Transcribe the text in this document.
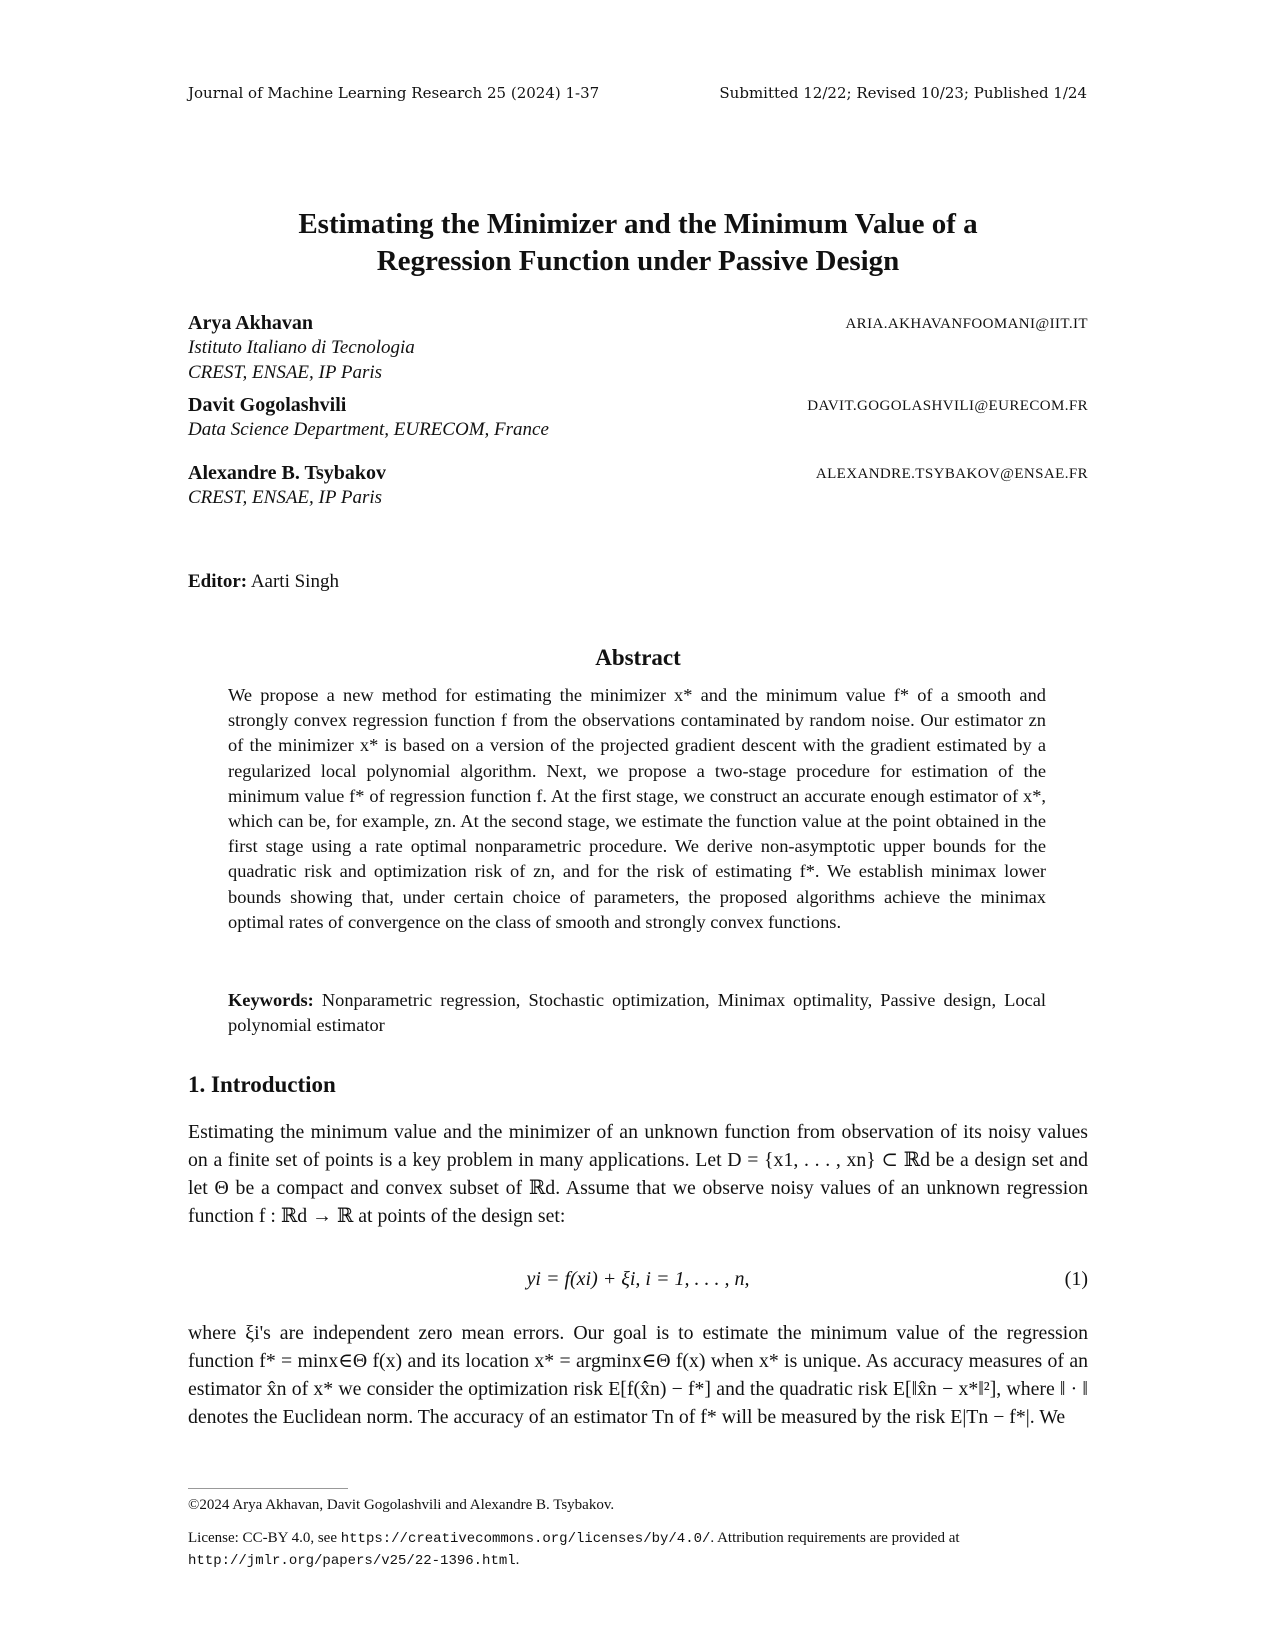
Journal of Machine Learning Research 25 (2024) 1-37	Submitted 12/22; Revised 10/23; Published 1/24
Estimating the Minimizer and the Minimum Value of a
Regression Function under Passive Design
Arya Akhavan	ARIA.AKHAVANFOOMANI@IIT.IT
Istituto Italiano di Tecnologia
CREST, ENSAE, IP Paris
Davit Gogolashvili	DAVIT.GOGOLASHVILI@EURECOM.FR
Data Science Department, EURECOM, France
Alexandre B. Tsybakov	ALEXANDRE.TSYBAKOV@ENSAE.FR
CREST, ENSAE, IP Paris
Editor: Aarti Singh
Abstract
We propose a new method for estimating the minimizer x* and the minimum value f* of a smooth and strongly convex regression function f from the observations contaminated by random noise. Our estimator zn of the minimizer x* is based on a version of the projected gradient descent with the gradient estimated by a regularized local polynomial algorithm. Next, we propose a two-stage procedure for estimation of the minimum value f* of regression function f. At the first stage, we construct an accurate enough estimator of x*, which can be, for example, zn. At the second stage, we estimate the function value at the point obtained in the first stage using a rate optimal nonparametric procedure. We derive non-asymptotic upper bounds for the quadratic risk and optimization risk of zn, and for the risk of estimating f*. We establish minimax lower bounds showing that, under certain choice of parameters, the proposed algorithms achieve the minimax optimal rates of convergence on the class of smooth and strongly convex functions.
Keywords: Nonparametric regression, Stochastic optimization, Minimax optimality, Passive design, Local polynomial estimator
1. Introduction
Estimating the minimum value and the minimizer of an unknown function from observation of its noisy values on a finite set of points is a key problem in many applications. Let D = {x1, . . . , xn} ⊂ ℝd be a design set and let Θ be a compact and convex subset of ℝd. Assume that we observe noisy values of an unknown regression function f : ℝd → ℝ at points of the design set:
yi = f(xi) + ξi, i = 1, . . . , n,	(1)
where ξi's are independent zero mean errors. Our goal is to estimate the minimum value of the regression function f* = minx∈Θ f(x) and its location x* = argminx∈Θ f(x) when x* is unique. As accuracy measures of an estimator x̂n of x* we consider the optimization risk E[f(x̂n) − f*] and the quadratic risk E[‖x̂n − x*‖²], where ‖ · ‖ denotes the Euclidean norm. The accuracy of an estimator Tn of f* will be measured by the risk E|Tn − f*|. We
©2024 Arya Akhavan, Davit Gogolashvili and Alexandre B. Tsybakov.
License: CC-BY 4.0, see https://creativecommons.org/licenses/by/4.0/. Attribution requirements are provided at http://jmlr.org/papers/v25/22-1396.html.
